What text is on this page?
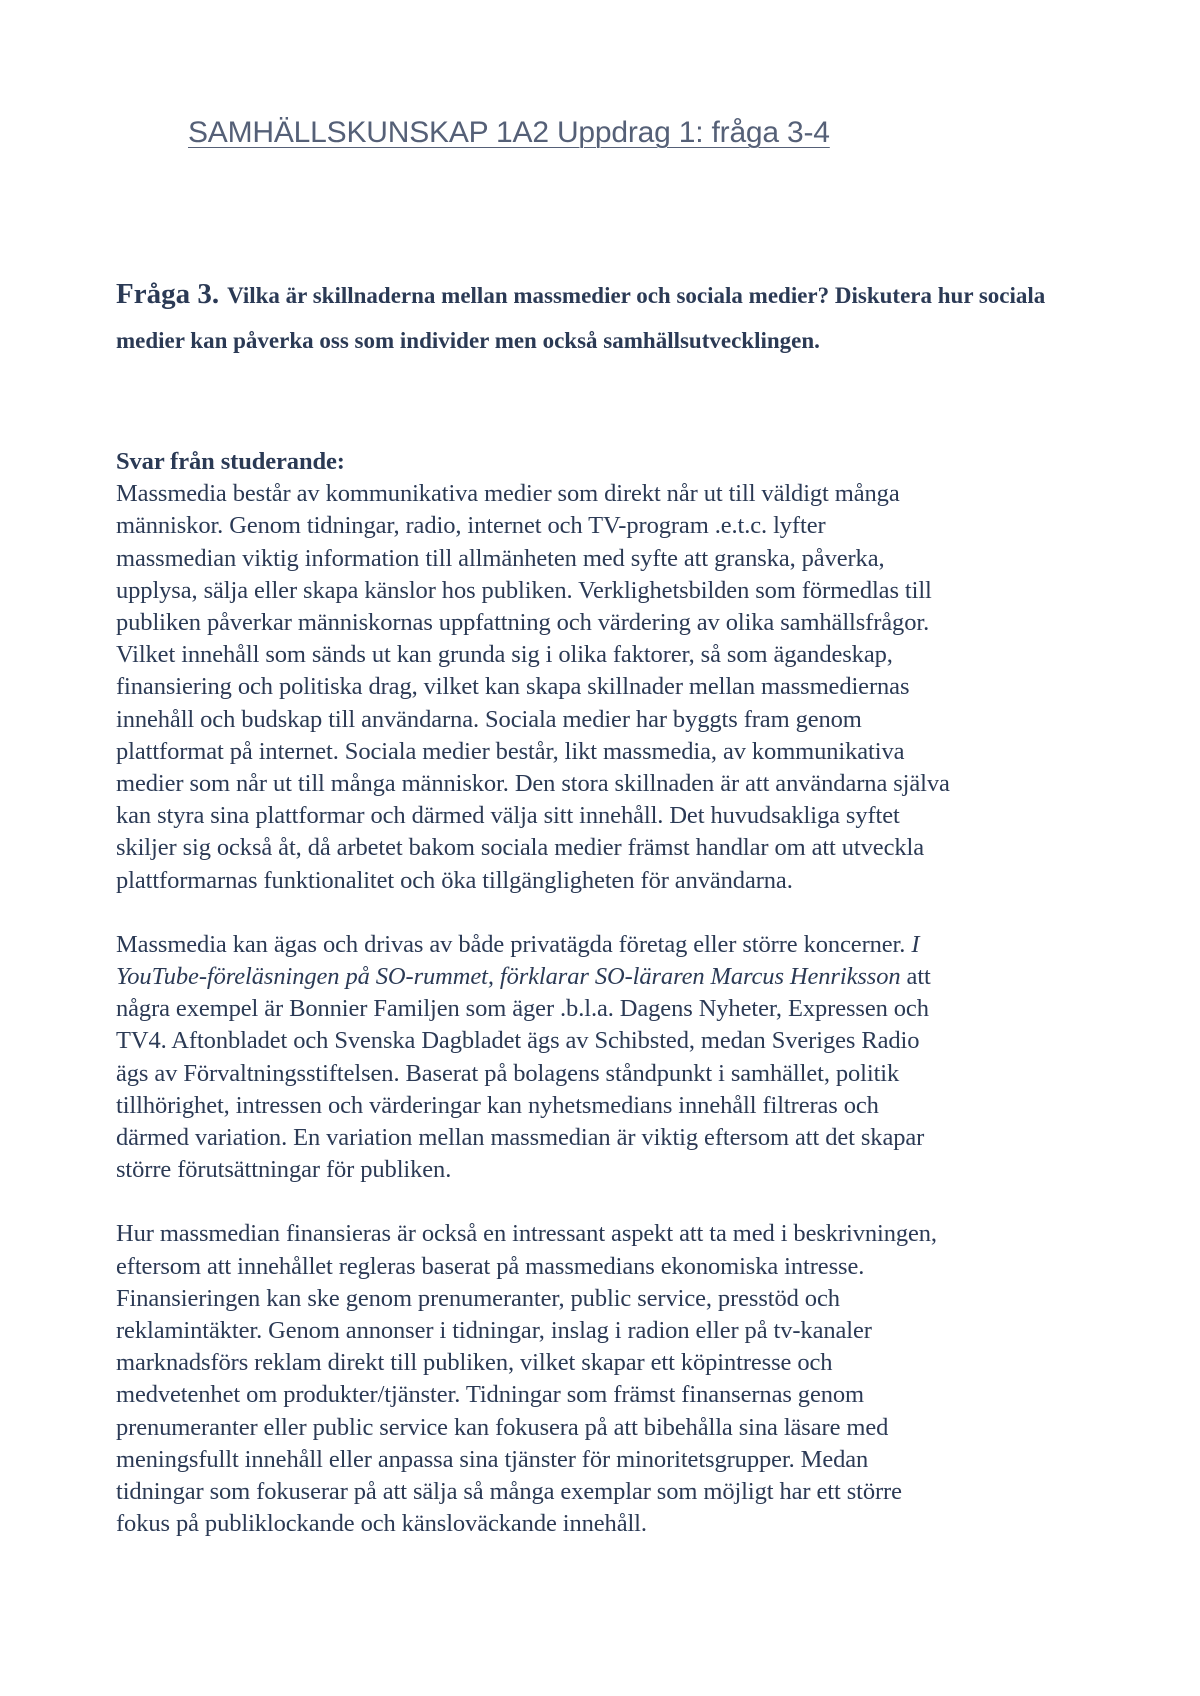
SAMHÄLLSKUNSKAP 1A2 Uppdrag 1: fråga 3-4

Fråga 3. Vilka är skillnaderna mellan massmedier och sociala medier? Diskutera hur sociala medier kan påverka oss som individer men också samhällsutvecklingen.

Svar från studerande:

Massmedia består av kommunikativa medier som direkt når ut till väldigt många
människor. Genom tidningar, radio, internet och TV-program .e.t.c. lyfter
massmedian viktig information till allmänheten med syfte att granska, påverka,
upplysa, sälja eller skapa känslor hos publiken. Verklighetsbilden som förmedlas till
publiken påverkar människornas uppfattning och värdering av olika samhällsfrågor.
Vilket innehåll som sänds ut kan grunda sig i olika faktorer, så som ägandeskap,
finansiering och politiska drag, vilket kan skapa skillnader mellan massmediernas
innehåll och budskap till användarna. Sociala medier har byggts fram genom
plattformat på internet. Sociala medier består, likt massmedia, av kommunikativa
medier som når ut till många människor. Den stora skillnaden är att användarna själva
kan styra sina plattformar och därmed välja sitt innehåll. Det huvudsakliga syftet
skiljer sig också åt, då arbetet bakom sociala medier främst handlar om att utveckla
plattformarnas funktionalitet och öka tillgängligheten för användarna.

Massmedia kan ägas och drivas av både privatägda företag eller större koncerner. I
YouTube-föreläsningen på SO-rummet, förklarar SO-läraren Marcus Henriksson att
några exempel är Bonnier Familjen som äger .b.l.a. Dagens Nyheter, Expressen och
TV4. Aftonbladet och Svenska Dagbladet ägs av Schibsted, medan Sveriges Radio
ägs av Förvaltningsstiftelsen. Baserat på bolagens ståndpunkt i samhället, politik
tillhörighet, intressen och värderingar kan nyhetsmedians innehåll filtreras och
därmed variation. En variation mellan massmedian är viktig eftersom att det skapar
större förutsättningar för publiken.

Hur massmedian finansieras är också en intressant aspekt att ta med i beskrivningen,
eftersom att innehållet regleras baserat på massmedians ekonomiska intresse.
Finansieringen kan ske genom prenumeranter, public service, presstöd och
reklamintäkter. Genom annonser i tidningar, inslag i radion eller på tv-kanaler
marknadsförs reklam direkt till publiken, vilket skapar ett köpintresse och
medvetenhet om produkter/tjänster. Tidningar som främst finansernas genom
prenumeranter eller public service kan fokusera på att bibehålla sina läsare med
meningsfullt innehåll eller anpassa sina tjänster för minoritetsgrupper. Medan
tidningar som fokuserar på att sälja så många exemplar som möjligt har ett större
fokus på publiklockande och känsloväckande innehåll.
